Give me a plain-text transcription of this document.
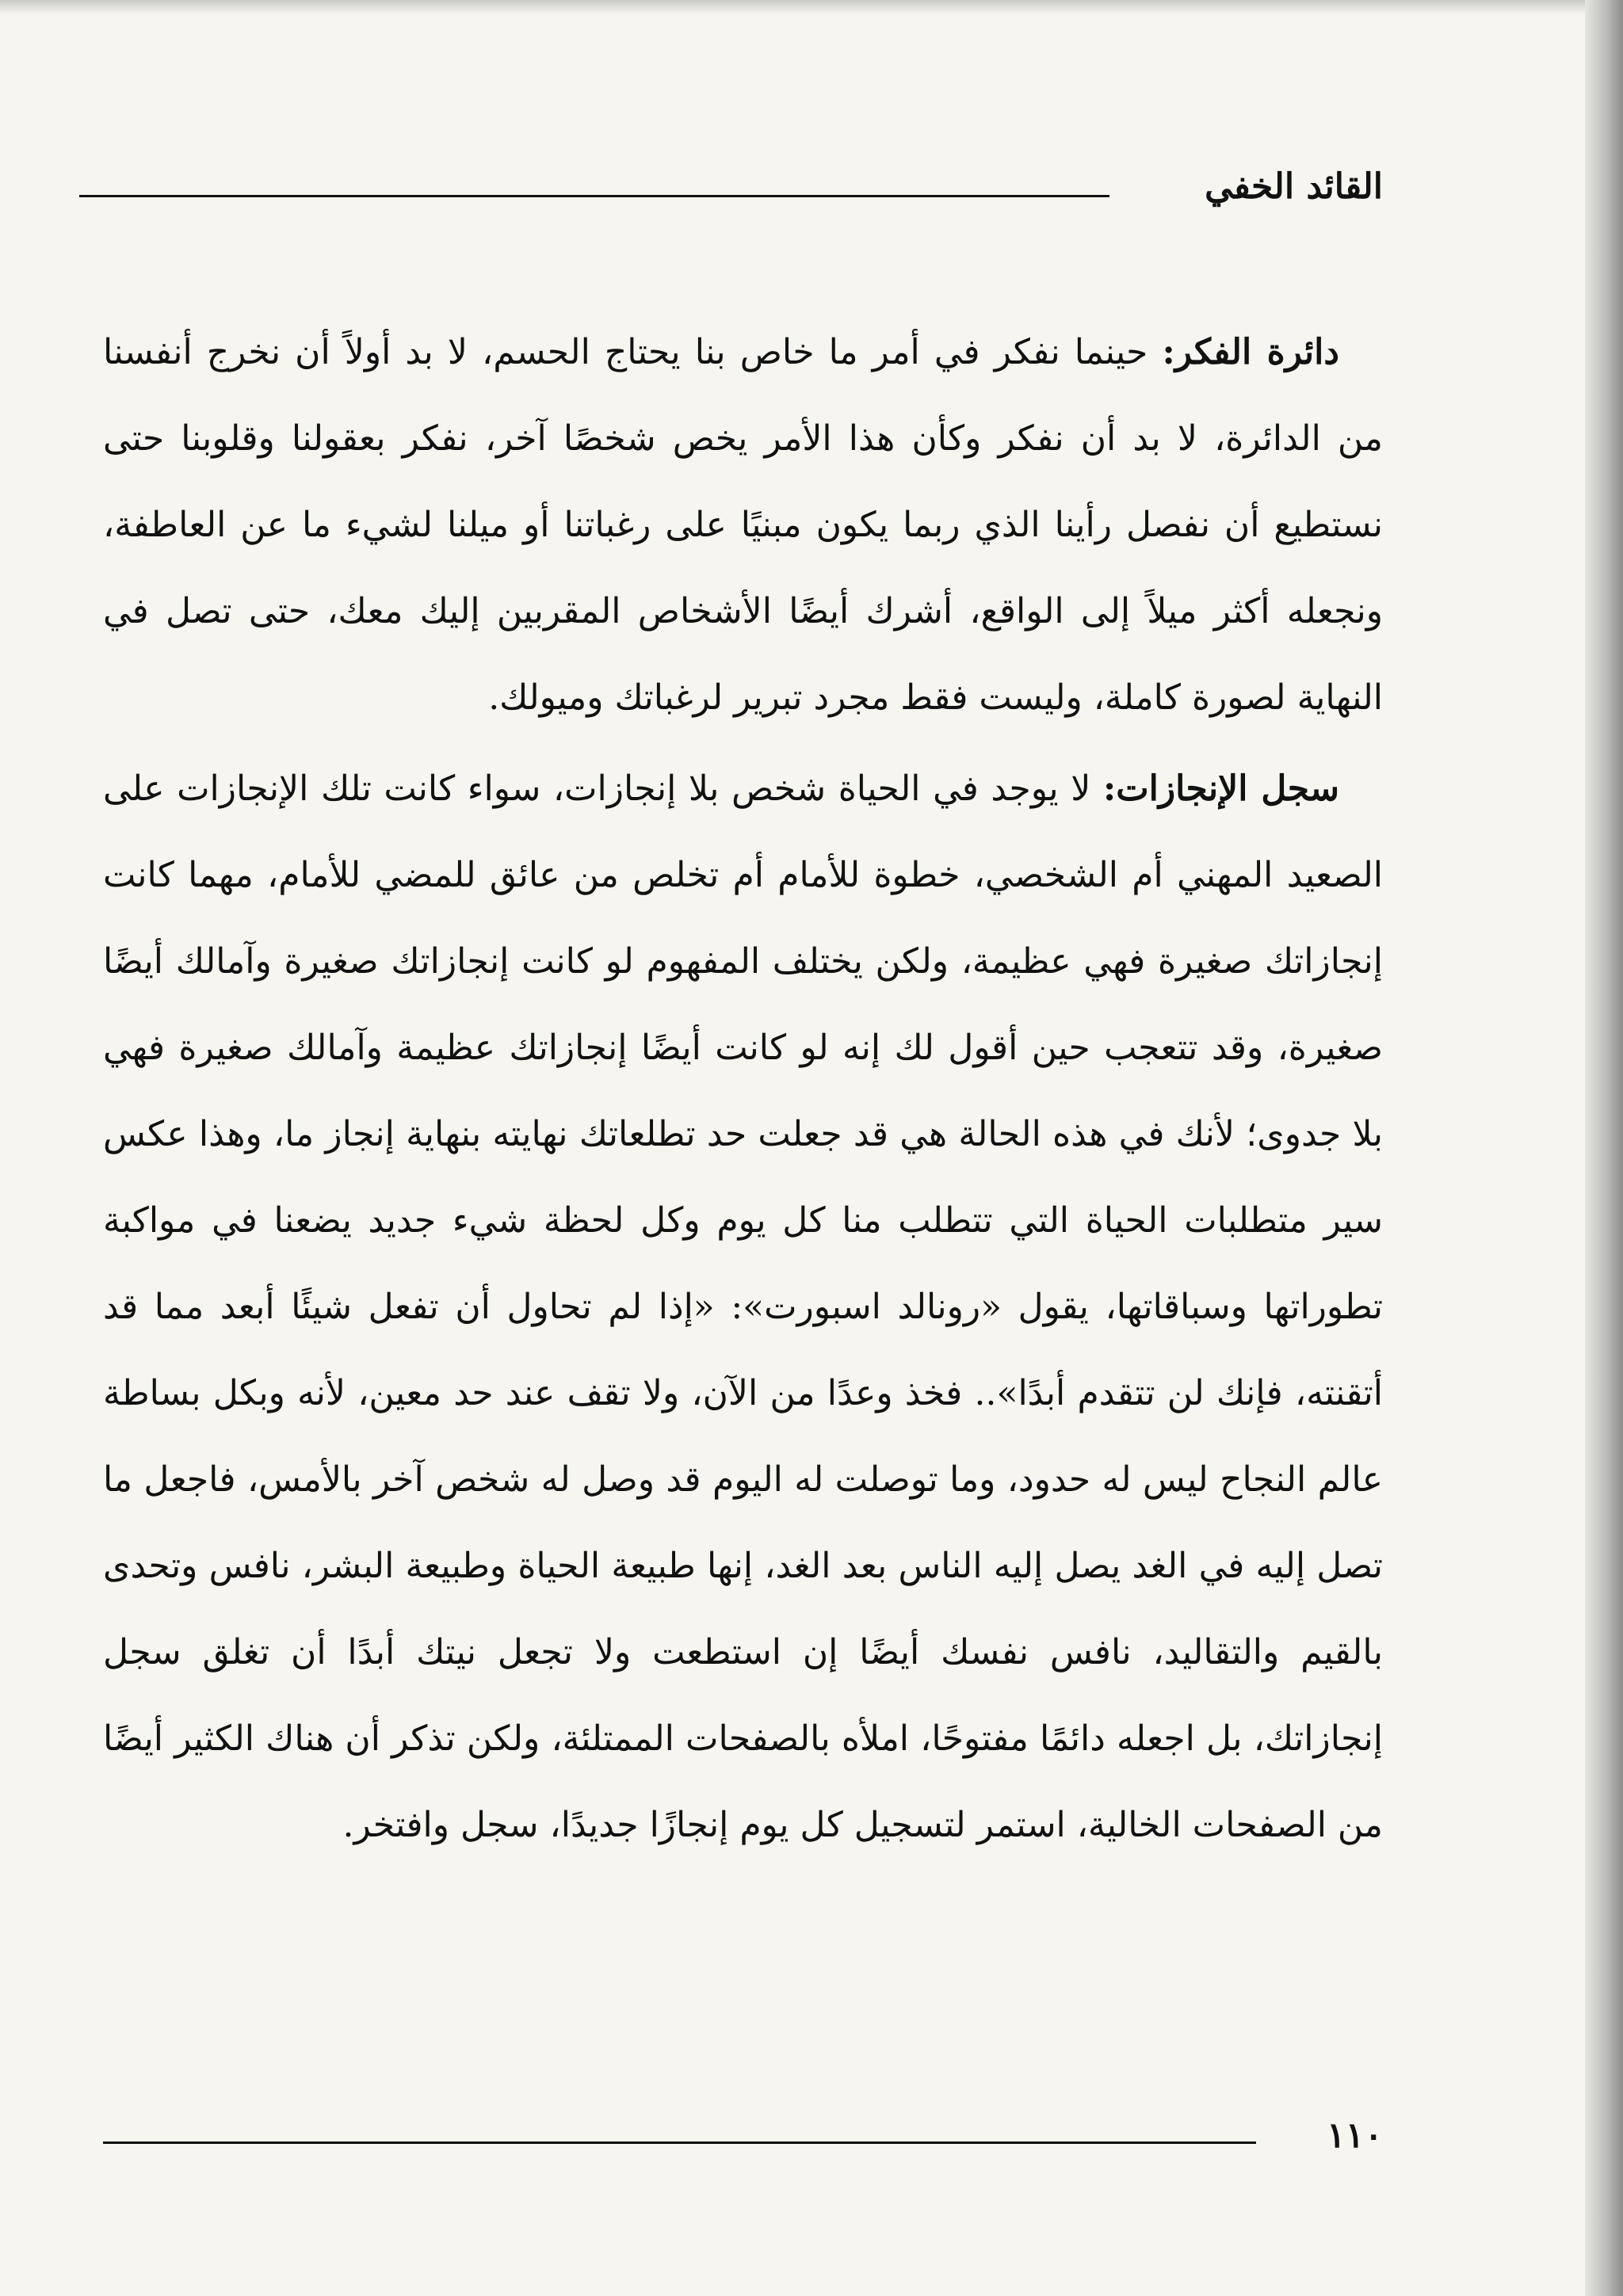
القائد الخفي

دائرة الفكر: حينما نفكر في أمر ما خاص بنا يحتاج الحسم، لا بد أولاً أن نخرج أنفسنا من الدائرة، لا بد أن نفكر وكأن هذا الأمر يخص شخصًا آخر، نفكر بعقولنا وقلوبنا حتى نستطيع أن نفصل رأينا الذي ربما يكون مبنيًا على رغباتنا أو ميلنا لشيء ما عن العاطفة، ونجعله أكثر ميلاً إلى الواقع، أشرك أيضًا الأشخاص المقربين إليك معك، حتى تصل في النهاية لصورة كاملة، وليست فقط مجرد تبرير لرغباتك وميولك.

سجل الإنجازات: لا يوجد في الحياة شخص بلا إنجازات، سواء كانت تلك الإنجازات على الصعيد المهني أم الشخصي، خطوة للأمام أم تخلص من عائق للمضي للأمام، مهما كانت إنجازاتك صغيرة فهي عظيمة، ولكن يختلف المفهوم لو كانت إنجازاتك صغيرة وآمالك أيضًا صغيرة، وقد تتعجب حين أقول لك إنه لو كانت أيضًا إنجازاتك عظيمة وآمالك صغيرة فهي بلا جدوى؛ لأنك في هذه الحالة هي قد جعلت حد تطلعاتك نهايته بنهاية إنجاز ما، وهذا عكس سير متطلبات الحياة التي تتطلب منا كل يوم وكل لحظة شيء جديد يضعنا في مواكبة تطوراتها وسباقاتها، يقول «رونالد اسبورت»: «إذا لم تحاول أن تفعل شيئًا أبعد مما قد أتقنته، فإنك لن تتقدم أبدًا».. فخذ وعدًا من الآن، ولا تقف عند حد معين، لأنه وبكل بساطة عالم النجاح ليس له حدود، وما توصلت له اليوم قد وصل له شخص آخر بالأمس، فاجعل ما تصل إليه في الغد يصل إليه الناس بعد الغد، إنها طبيعة الحياة وطبيعة البشر، نافس وتحدى بالقيم والتقاليد، نافس نفسك أيضًا إن استطعت ولا تجعل نيتك أبدًا أن تغلق سجل إنجازاتك، بل اجعله دائمًا مفتوحًا، املأه بالصفحات الممتلئة، ولكن تذكر أن هناك الكثير أيضًا من الصفحات الخالية، استمر لتسجيل كل يوم إنجازًا جديدًا، سجل وافتخر.

١١٠
